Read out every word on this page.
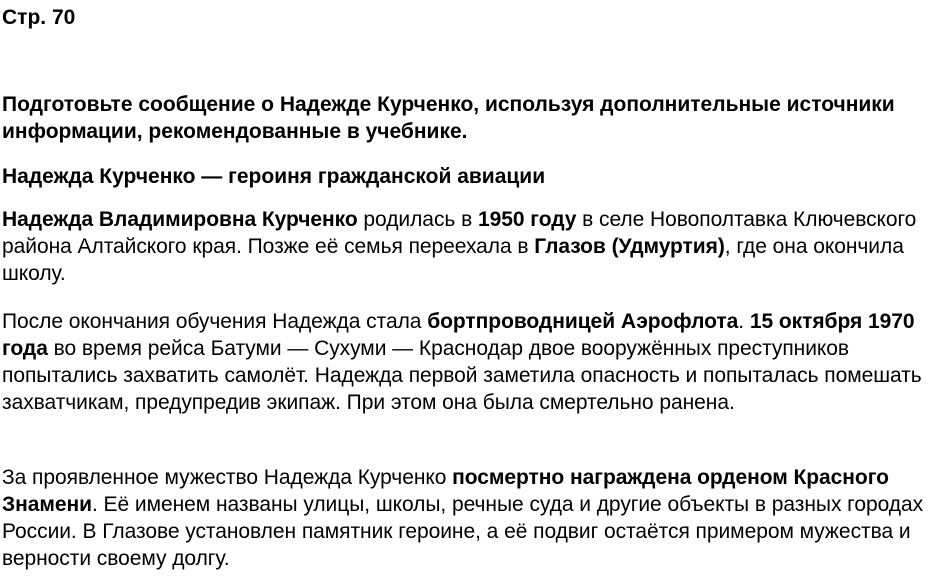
Стр. 70

Подготовьте сообщение о Надежде Курченко, используя дополнительные источники информации, рекомендованные в учебнике.

Надежда Курченко — героиня гражданской авиации

Надежда Владимировна Курченко родилась в 1950 году в селе Новополтавка Ключевского района Алтайского края. Позже её семья переехала в Глазов (Удмуртия), где она окончила школу.

После окончания обучения Надежда стала бортпроводницей Аэрофлота. 15 октября 1970 года во время рейса Батуми — Сухуми — Краснодар двое вооружённых преступников попытались захватить самолёт. Надежда первой заметила опасность и попыталась помешать захватчикам, предупредив экипаж. При этом она была смертельно ранена.

За проявленное мужество Надежда Курченко посмертно награждена орденом Красного Знамени. Её именем названы улицы, школы, речные суда и другие объекты в разных городах России. В Глазове установлен памятник героине, а её подвиг остаётся примером мужества и верности своему долгу.
